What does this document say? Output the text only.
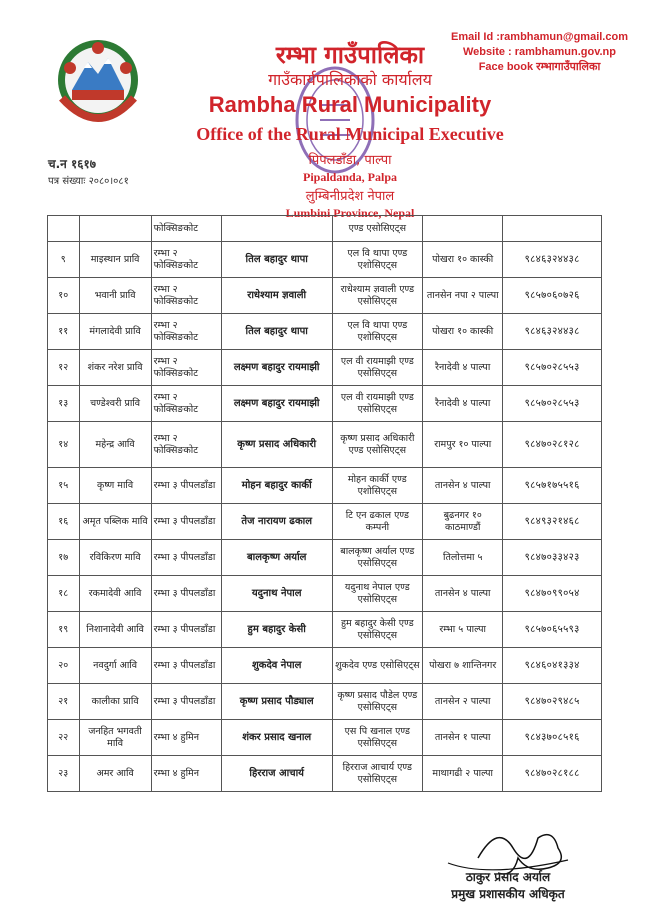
Email Id :rambhamun@gmail.com
Website : rambhamun.gov.np
Face book रम्भागाउँपालिका
रम्भा गाउँपालिका
गाउँकार्यपालिकाको कार्यालय
Rambha Rural Municipality
Office of the Rural Municipal Executive
पिपलडाँडा, पाल्पा
Pipaldanda, Palpa
लुम्बिनीप्रदेश नेपाल
Lumbini Province, Nepal
च.न १६१७
पत्र संख्याः २०८०।०८१
		फोक्सिङकोट		एण्ड एसोसिएट्स		
९	माइस्थान प्रावि	रम्भा २ फोक्सिङकोट	तिल बहादुर थापा	एल वि थापा एण्ड एशोसिएट्स	पोखरा १० कास्की	९८४६३२४४३८
१०	भवानी प्रावि	रम्भा २ फोक्सिङकोट	राधेश्याम ज्ञवाली	राधेश्याम ज्ञवाली एण्ड एसोसिएट्स	तानसेन नपा २ पाल्पा	९८५७०६०७२६
११	मंगलादेवी प्रावि	रम्भा २ फोक्सिङकोट	तिल बहादुर थापा	एल वि थापा एण्ड एशोसिएट्स	पोखरा १० कास्की	९८४६३२४४३८
१२	शंकर नरेश प्रावि	रम्भा २ फोक्सिङकोट	लक्ष्मण बहादुर रायमाझी	एल वी रायमाझी एण्ड एसोसिएट्स	रैनादेवी ४ पाल्पा	९८५७०२८५५३
१३	चण्डेश्वरी प्रावि	रम्भा २ फोक्सिङकोट	लक्ष्मण बहादुर रायमाझी	एल वी रायमाझी एण्ड एसोसिएट्स	रैनादेवी ४ पाल्पा	९८५७०२८५५३
१४	महेन्द्र आवि	रम्भा २ फोक्सिङकोट	कृष्ण प्रसाद अधिकारी	कृष्ण प्रसाद अधिकारी एण्ड एसोसिएट्स	रामपुर १० पाल्पा	९८४७०२८१२८
१५	कृष्ण मावि	रम्भा ३ पीपलडाँडा	मोहन बहादुर कार्की	मोहन कार्की एण्ड एशोसिएट्स	तानसेन ४ पाल्पा	९८५७१७५५१६
१६	अमृत पब्लिक मावि	रम्भा ३ पीपलडाँडा	तेज नारायण ढकाल	टि एन ढकाल एण्ड कम्पनी	बुढनगर १० काठमाण्डौं	९८४९३२१४६८
१७	रविकिरण मावि	रम्भा ३ पीपलडाँडा	बालकृष्ण अर्याल	बालकृष्ण अर्याल एण्ड एसोसिएट्स	तिलोत्तमा ५	९८४७०३३४२३
१८	रकमादेवी आवि	रम्भा ३ पीपलडाँडा	यदुनाथ नेपाल	यदुनाथ नेपाल एण्ड एसोसिएट्स	तानसेन ४ पाल्पा	९८४७०९९०५४
१९	निशानादेवी आवि	रम्भा ३ पीपलडाँडा	हुम बहादुर केसी	हुम बहादुर केसी एण्ड एसोसिएट्स	रम्भा ५ पाल्पा	९८५७०६५५९३
२०	नवदुर्गा आवि	रम्भा ३ पीपलडाँडा	शुकदेव नेपाल	शुकदेव एण्ड एसोसिएट्स	पोखरा ७ शान्तिनगर	९८४६०४१३३४
२१	कालीका प्रावि	रम्भा ३ पीपलडाँडा	कृष्ण प्रसाद पौड्याल	कृष्ण प्रसाद पौडेल एण्ड एसोसिएट्स	तानसेन २ पाल्पा	९८४७०२९४८५
२२	जनहित भगवती मावि	रम्भा ४ हुमिन	शंकर प्रसाद खनाल	एस पि खनाल एण्ड एसोसिएट्स	तानसेन १ पाल्पा	९८४३७०८५१६
२३	अमर आवि	रम्भा ४ हुमिन	हिरराज आचार्य	हिरराज आचार्य एण्ड एसोसिएट्स	माथागढी २ पाल्पा	९८४७०२८१८८
ठाकुर प्रसाद अर्याल
प्रमुख प्रशासकीय अधिकृत
